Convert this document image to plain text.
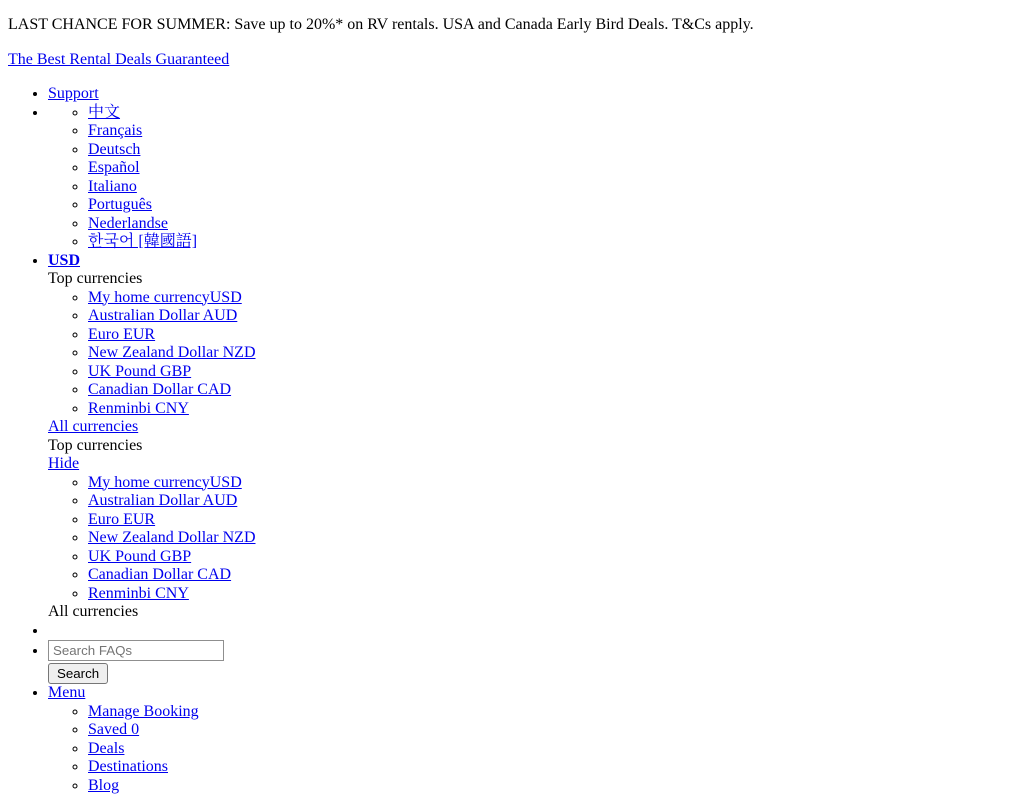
LAST CHANCE FOR SUMMER: Save up to 20%* on RV rentals. USA and Canada Early Bird Deals. T&Cs apply.

The Best Rental Deals Guaranteed

• Support
◦ • 中文
◦ Français
◦ Deutsch
◦ Español
◦ Italiano
◦ Português
◦ Nederlandse
◦ 한국어 [韓國語]
• USD
Top currencies
◦ My home currencyUSD
◦ Australian Dollar AUD
◦ Euro EUR
◦ New Zealand Dollar NZD
◦ UK Pound GBP
◦ Canadian Dollar CAD
◦ Renminbi CNY
All currencies
Top currencies
Hide
◦ My home currencyUSD
◦ Australian Dollar AUD
◦ Euro EUR
◦ New Zealand Dollar NZD
◦ UK Pound GBP
◦ Canadian Dollar CAD
◦ Renminbi CNY
All currencies
•
Search FAQs
• Search
• Menu
◦ Manage Booking
◦ Saved 0
◦ Deals
◦ Destinations
◦ Blog
